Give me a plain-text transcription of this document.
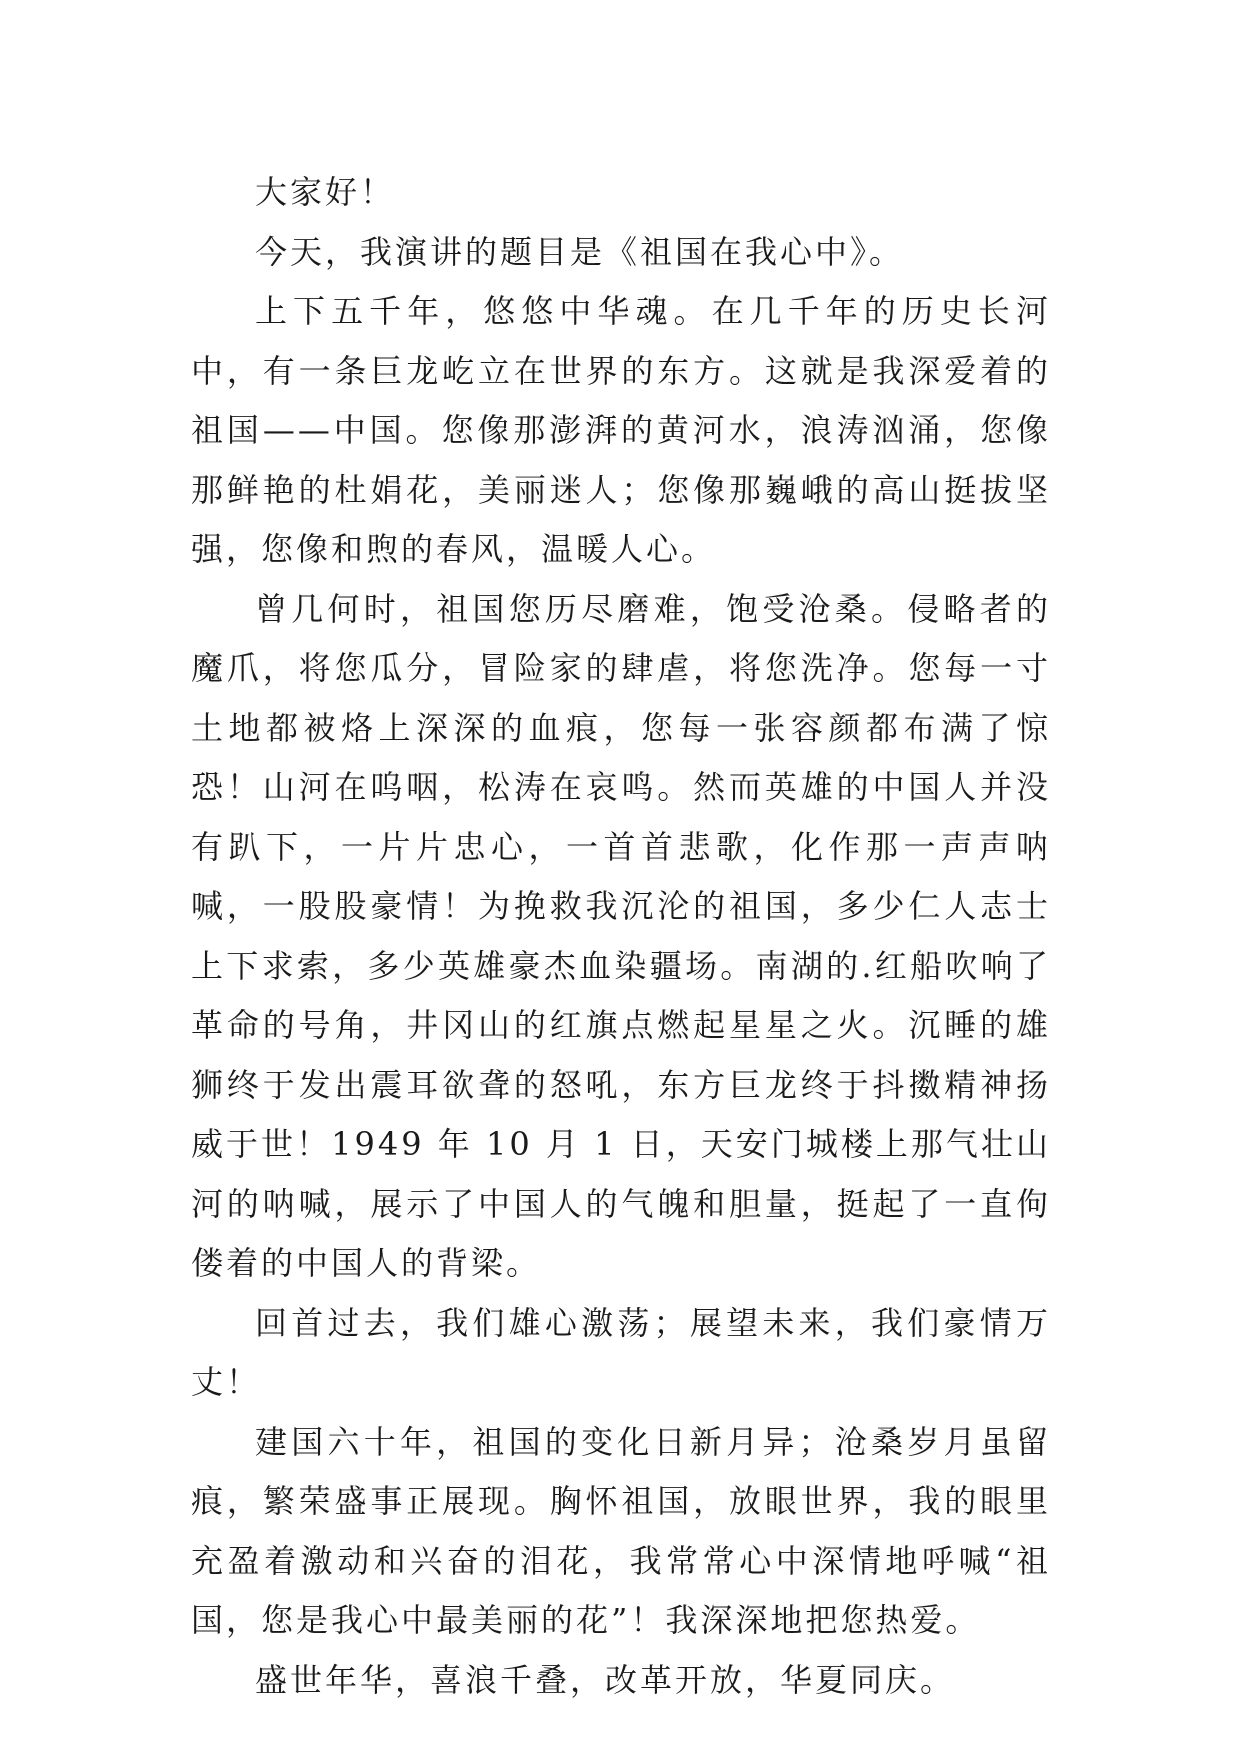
大家好！

今天，我演讲的题目是《祖国在我心中》。

上下五千年，悠悠中华魂。在几千年的历史长河中，有一条巨龙屹立在世界的东方。这就是我深爱着的祖国——中国。您像那澎湃的黄河水，浪涛汹涌，您像那鲜艳的杜娟花，美丽迷人；您像那巍峨的高山挺拔坚强，您像和煦的春风，温暖人心。

曾几何时，祖国您历尽磨难，饱受沧桑。侵略者的魔爪，将您瓜分，冒险家的肆虐，将您洗净。您每一寸土地都被烙上深深的血痕，您每一张容颜都布满了惊恐！山河在呜咽，松涛在哀鸣。然而英雄的中国人并没有趴下，一片片忠心，一首首悲歌，化作那一声声呐喊，一股股豪情！为挽救我沉沦的祖国，多少仁人志士上下求索，多少英雄豪杰血染疆场。南湖的.红船吹响了革命的号角，井冈山的红旗点燃起星星之火。沉睡的雄狮终于发出震耳欲聋的怒吼，东方巨龙终于抖擞精神扬威于世！1949 年 10 月 1 日，天安门城楼上那气壮山河的呐喊，展示了中国人的气魄和胆量，挺起了一直佝偻着的中国人的背梁。

回首过去，我们雄心激荡；展望未来，我们豪情万丈！

建国六十年，祖国的变化日新月异；沧桑岁月虽留痕，繁荣盛事正展现。胸怀祖国，放眼世界，我的眼里充盈着激动和兴奋的泪花，我常常心中深情地呼喊“祖国，您是我心中最美丽的花”！我深深地把您热爱。

盛世年华，喜浪千叠，改革开放，华夏同庆。
